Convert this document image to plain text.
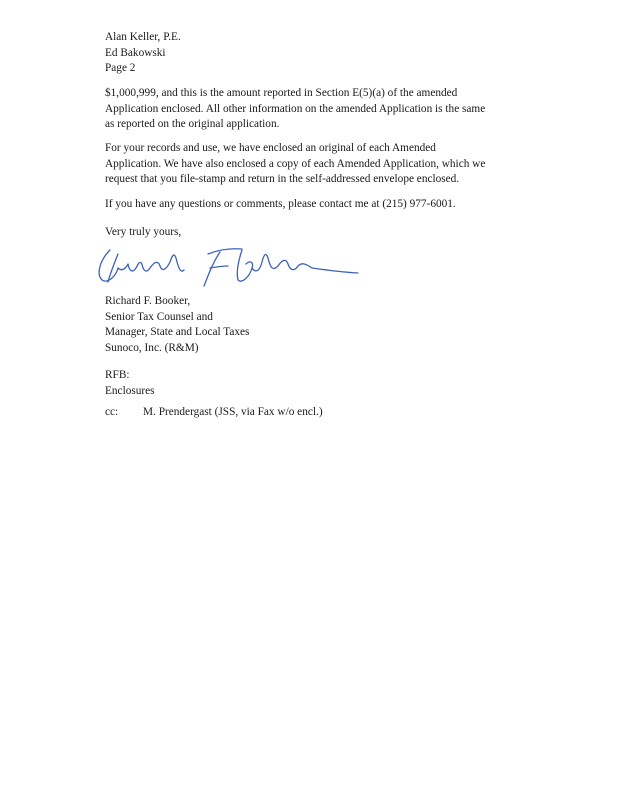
Alan Keller, P.E.
Ed Bakowski
Page 2
$1,000,999, and this is the amount reported in Section E(5)(a) of the amended
Application enclosed. All other information on the amended Application is the same
as reported on the original application.
For your records and use, we have enclosed an original of each Amended
Application. We have also enclosed a copy of each Amended Application, which we
request that you file-stamp and return in the self-addressed envelope enclosed.
If you have any questions or comments, please contact me at (215) 977-6001.
Very truly yours,
Richard F. Booker,
Senior Tax Counsel and
Manager, State and Local Taxes
Sunoco, Inc. (R&M)
RFB:
Enclosures
cc: M. Prendergast (JSS, via Fax w/o encl.)
